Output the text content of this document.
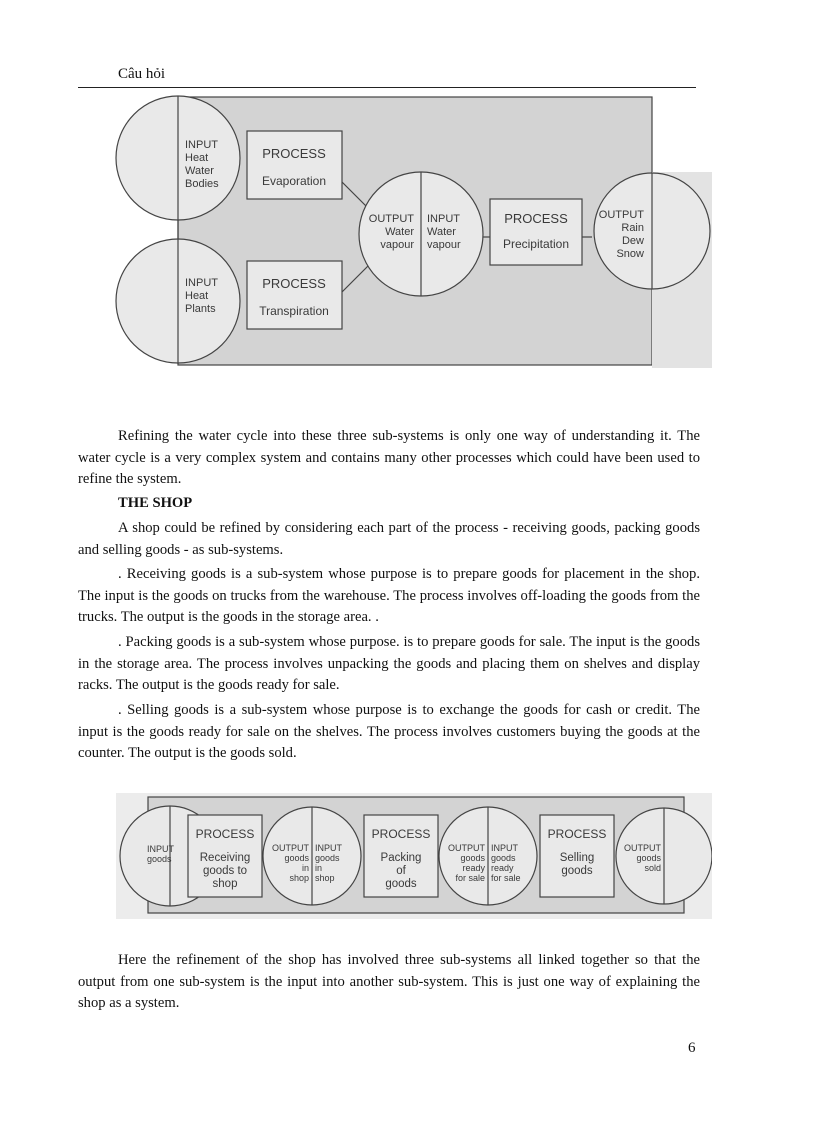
Câu hỏi
INPUT
Heat
Water
Bodies
INPUT
Heat
Plants
PROCESS
Evaporation
PROCESS
Transpiration
OUTPUT
Water
vapour
INPUT
Water
vapour
PROCESS
Precipitation
OUTPUT
Rain
Dew
Snow

Refining the water cycle into these three sub-systems is only one way of understanding it. The water cycle is a very complex system and contains many other processes which could have been used to refine the system.

THE SHOP

A shop could be refined by considering each part of the process - receiving goods, packing goods and selling goods - as sub-systems.

. Receiving goods is a sub-system whose purpose is to prepare goods for placement in the shop. The input is the goods on trucks from the warehouse. The process involves off-loading the goods from the trucks. The output is the goods in the storage area. .

. Packing goods is a sub-system whose purpose. is to prepare goods for sale. The input is the goods in the storage area. The process involves unpacking the goods and placing them on shelves and display racks. The output is the goods ready for sale.

. Selling goods is a sub-system whose purpose is to exchange the goods for cash or credit. The input is the goods ready for sale on the shelves. The process involves customers buying the goods at the counter. The output is the goods sold.

INPUT
goods
PROCESS
Receiving
goods to
shop
OUTPUT
goods
in
shop
INPUT
goods
in
shop
PROCESS
Packing
of
goods
OUTPUT
goods
ready
for sale
INPUT
goods
ready
for sale
PROCESS
Selling
goods
OUTPUT
goods
sold

Here the refinement of the shop has involved three sub-systems all linked together so that the output from one sub-system is the input into another sub-system. This is just one way of explaining the shop as a system.

6
